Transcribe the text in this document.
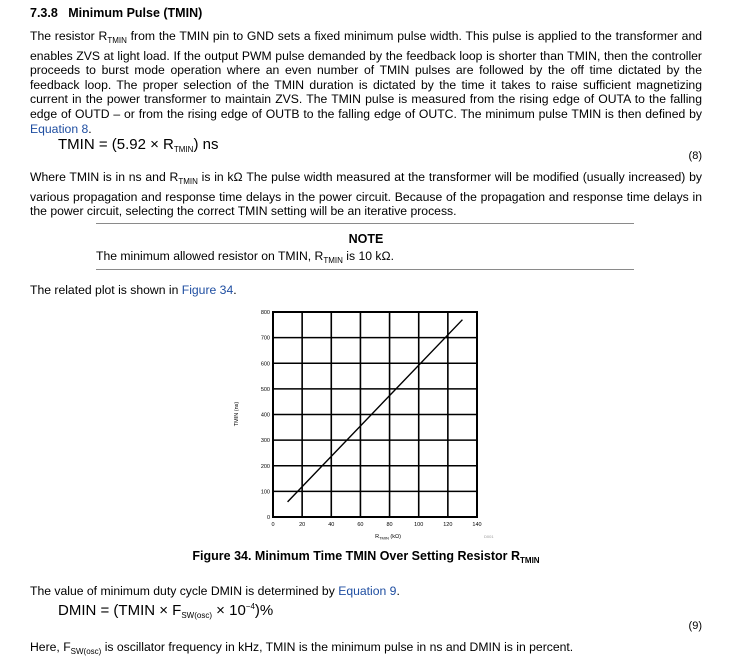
7.3.8 Minimum Pulse (TMIN)

The resistor $R_{TMIN}$ from the TMIN pin to GND sets a fixed minimum pulse width. This pulse is applied to the transformer and enables ZVS at light load. If the output PWM pulse demanded by the feedback loop is shorter than TMIN, then the controller proceeds to burst mode operation where an even number of TMIN pulses are followed by the off time dictated by the feedback loop. The proper selection of the TMIN duration is dictated by the time it takes to raise sufficient magnetizing current in the power transformer to maintain ZVS. The TMIN pulse is measured from the rising edge of OUTA to the falling edge of OUTD – or from the rising edge of OUTB to the falling edge of OUTC. The minimum pulse TMIN is then defined by Equation 8.

TMIN = $(5.92 \times R_{TMIN})$ ns
(8)

Where TMIN is in ns and $R_{TMIN}$ is in kΩ The pulse width measured at the transformer will be modified (usually increased) by various propagation and response time delays in the power circuit. Because of the propagation and response time delays in the power circuit, selecting the correct TMIN setting will be an iterative process.

NOTE
The minimum allowed resistor on TMIN, $R_{TMIN}$ is 10 kΩ.
The related plot is shown in Figure 34.
0	20	40	60	80	100	120	140
0
100
200
300
400
500
600
700
800
TMIN (ns)
$R_{TMIN}$ (kΩ)	D001
Figure 34. Minimum Time TMIN Over Setting Resistor $R_{TMIN}$
The value of minimum duty cycle DMIN is determined by Equation 9.
DMIN = (TMIN × $F_{SW(osc)} \times 10^{-4})\%$
(9)
Here, $F_{SW(osc)}$ is oscillator frequency in kHz, TMIN is the minimum pulse in ns and DMIN is in percent.
